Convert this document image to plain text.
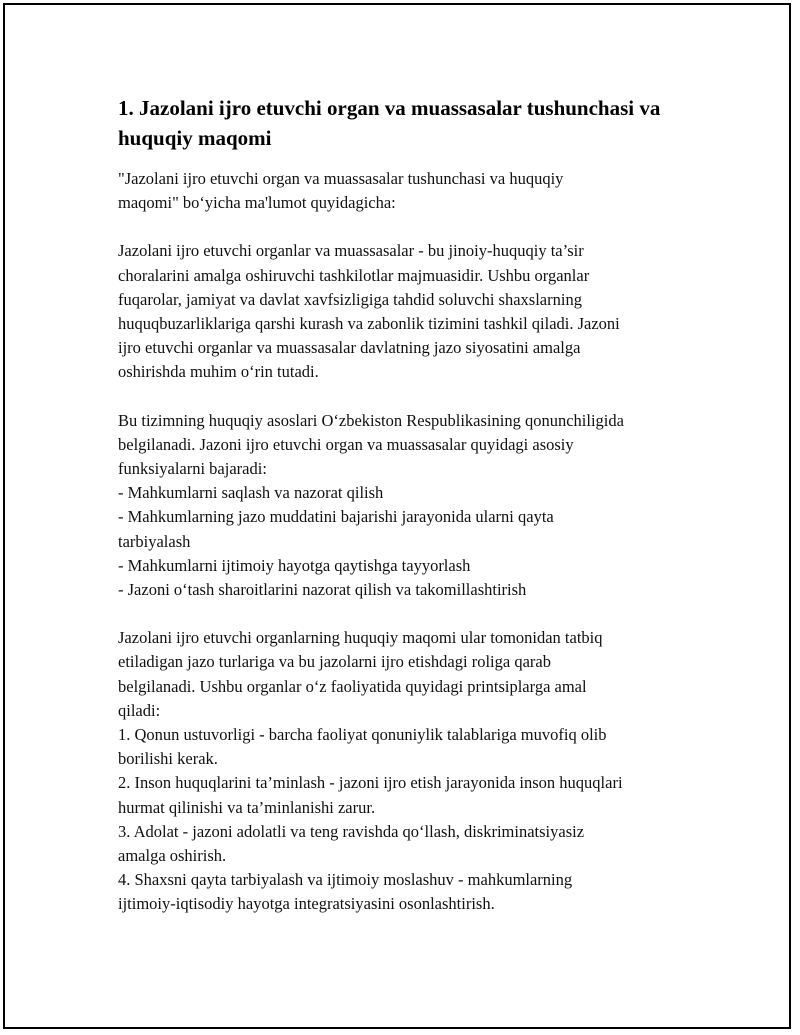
1. Jazolani ijro etuvchi organ va muassasalar tushunchasi va
huquqiy maqomi

"Jazolani ijro etuvchi organ va muassasalar tushunchasi va huquqiy
maqomi" bo‘yicha ma'lumot quyidagicha:

Jazolani ijro etuvchi organlar va muassasalar - bu jinoiy-huquqiy ta’sir
choralarini amalga oshiruvchi tashkilotlar majmuasidir. Ushbu organlar
fuqarolar, jamiyat va davlat xavfsizligiga tahdid soluvchi shaxslarning
huquqbuzarliklariga qarshi kurash va zabonlik tizimini tashkil qiladi. Jazoni
ijro etuvchi organlar va muassasalar davlatning jazo siyosatini amalga
oshirishda muhim o‘rin tutadi.

Bu tizimning huquqiy asoslari O‘zbekiston Respublikasining qonunchiligida
belgilanadi. Jazoni ijro etuvchi organ va muassasalar quyidagi asosiy
funksiyalarni bajaradi:
- Mahkumlarni saqlash va nazorat qilish
- Mahkumlarning jazo muddatini bajarishi jarayonida ularni qayta
tarbiyalash
- Mahkumlarni ijtimoiy hayotga qaytishga tayyorlash
- Jazoni o‘tash sharoitlarini nazorat qilish va takomillashtirish

Jazolani ijro etuvchi organlarning huquqiy maqomi ular tomonidan tatbiq
etiladigan jazo turlariga va bu jazolarni ijro etishdagi roliga qarab
belgilanadi. Ushbu organlar o‘z faoliyatida quyidagi printsiplarga amal
qiladi:
1. Qonun ustuvorligi - barcha faoliyat qonuniylik talablariga muvofiq olib
borilishi kerak.
2. Inson huquqlarini ta’minlash - jazoni ijro etish jarayonida inson huquqlari
hurmat qilinishi va ta’minlanishi zarur.
3. Adolat - jazoni adolatli va teng ravishda qo‘llash, diskriminatsiyasiz
amalga oshirish.
4. Shaxsni qayta tarbiyalash va ijtimoiy moslashuv - mahkumlarning
ijtimoiy-iqtisodiy hayotga integratsiyasini osonlashtirish.
